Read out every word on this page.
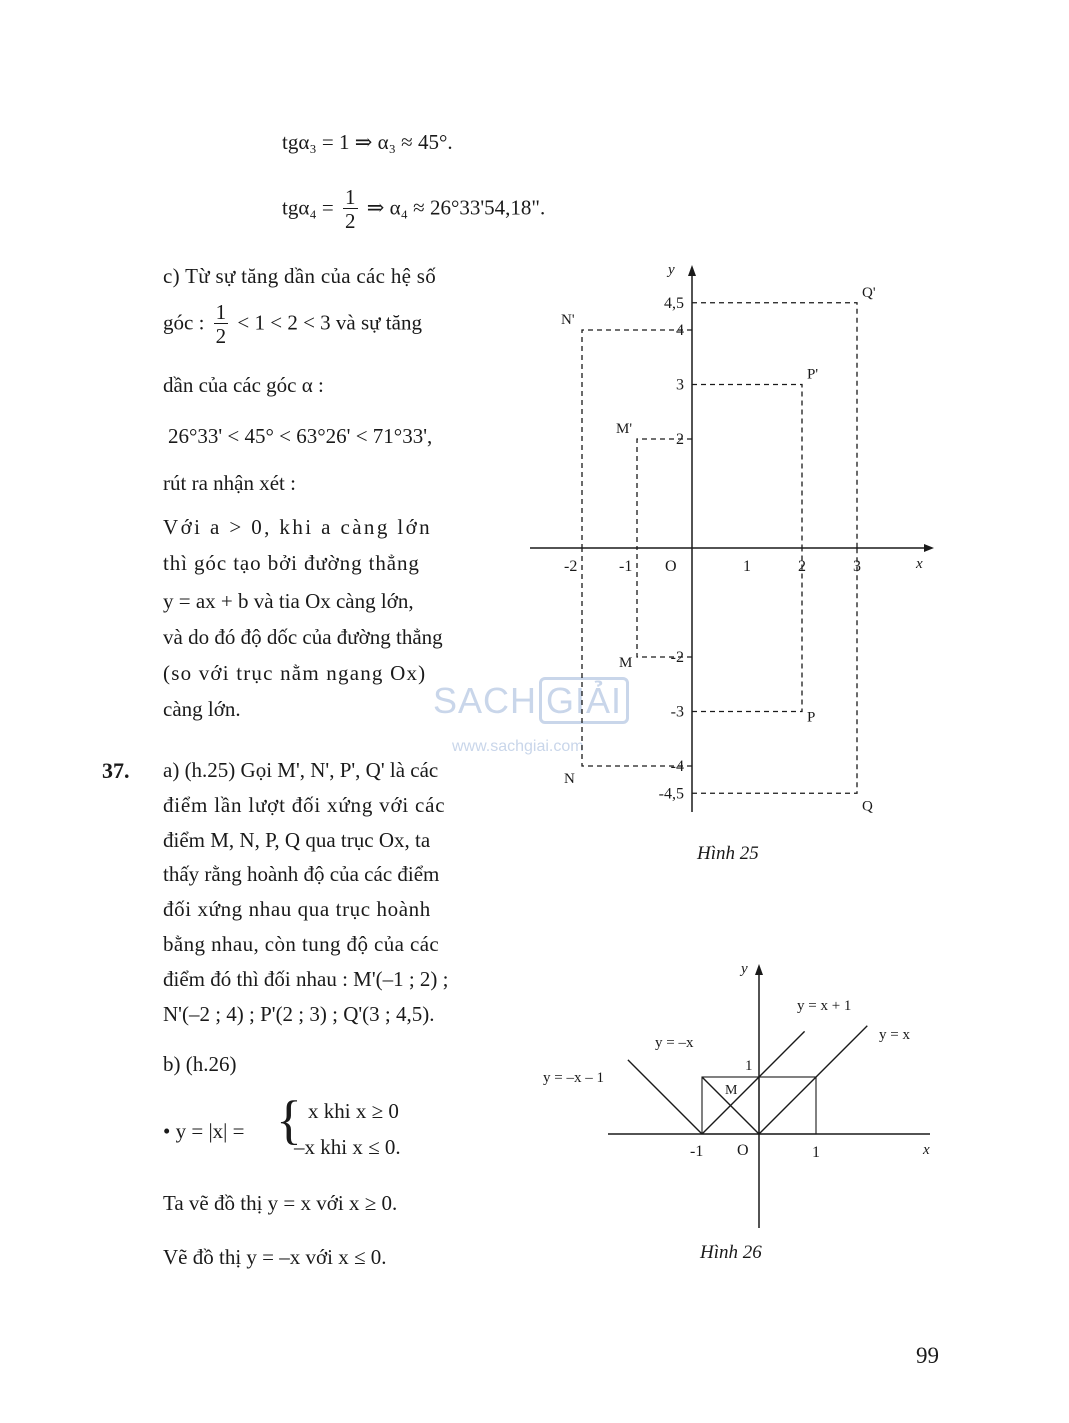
tgα₃ = 1 ⇒ α₃ ≈ 45°.
$tg\alpha_4 = \frac{1}{2}$ ⇒ α₄ ≈ 26°33'54,18".
c) Từ sự tăng dần của các hệ số
góc : $\frac{1}{2} < 1 < 2 < 3$ và sự tăng
dần của các góc α :
26°33' < 45° < 63°26' < 71°33',
rút ra nhận xét :
Với a > 0, khi a càng lớn
thì góc tạo bởi đường thẳng
y = ax + b và tia Ox càng lớn,
và do đó độ dốc của đường thẳng
(so với trục nằm ngang Ox)
càng lớn.	SACH GIẢI
www.sachgiai.com
37. a) (h.25) Gọi M', N', P', Q' là các
điểm lần lượt đối xứng với các
điểm M, N, P, Q qua trục Ox, ta
thấy rằng hoành độ của các điểm
đối xứng nhau qua trục hoành
bằng nhau, còn tung độ của các
điểm đó thì đối nhau : M'(–1 ; 2) ;
N'(–2 ; 4) ; P'(2 ; 3) ; Q'(3 ; 4,5).
b) (h.26)
• y = |x| = { x khi x ≥ 0
–x khi x ≤ 0.
Ta vẽ đồ thị y = x với x ≥ 0.
Vẽ đồ thị y = –x với x ≤ 0.
x
y
O
Q'
N'
P'
M'
M
P
N
Q
-2	-1	1	2	3
4,5
4
3
2
-2
-3
-4
-4,5
Hình 25
x
y
O
-1	1
1
M
y = x + 1
y = x
y = –x
y = –x – 1
Hình 26
99
